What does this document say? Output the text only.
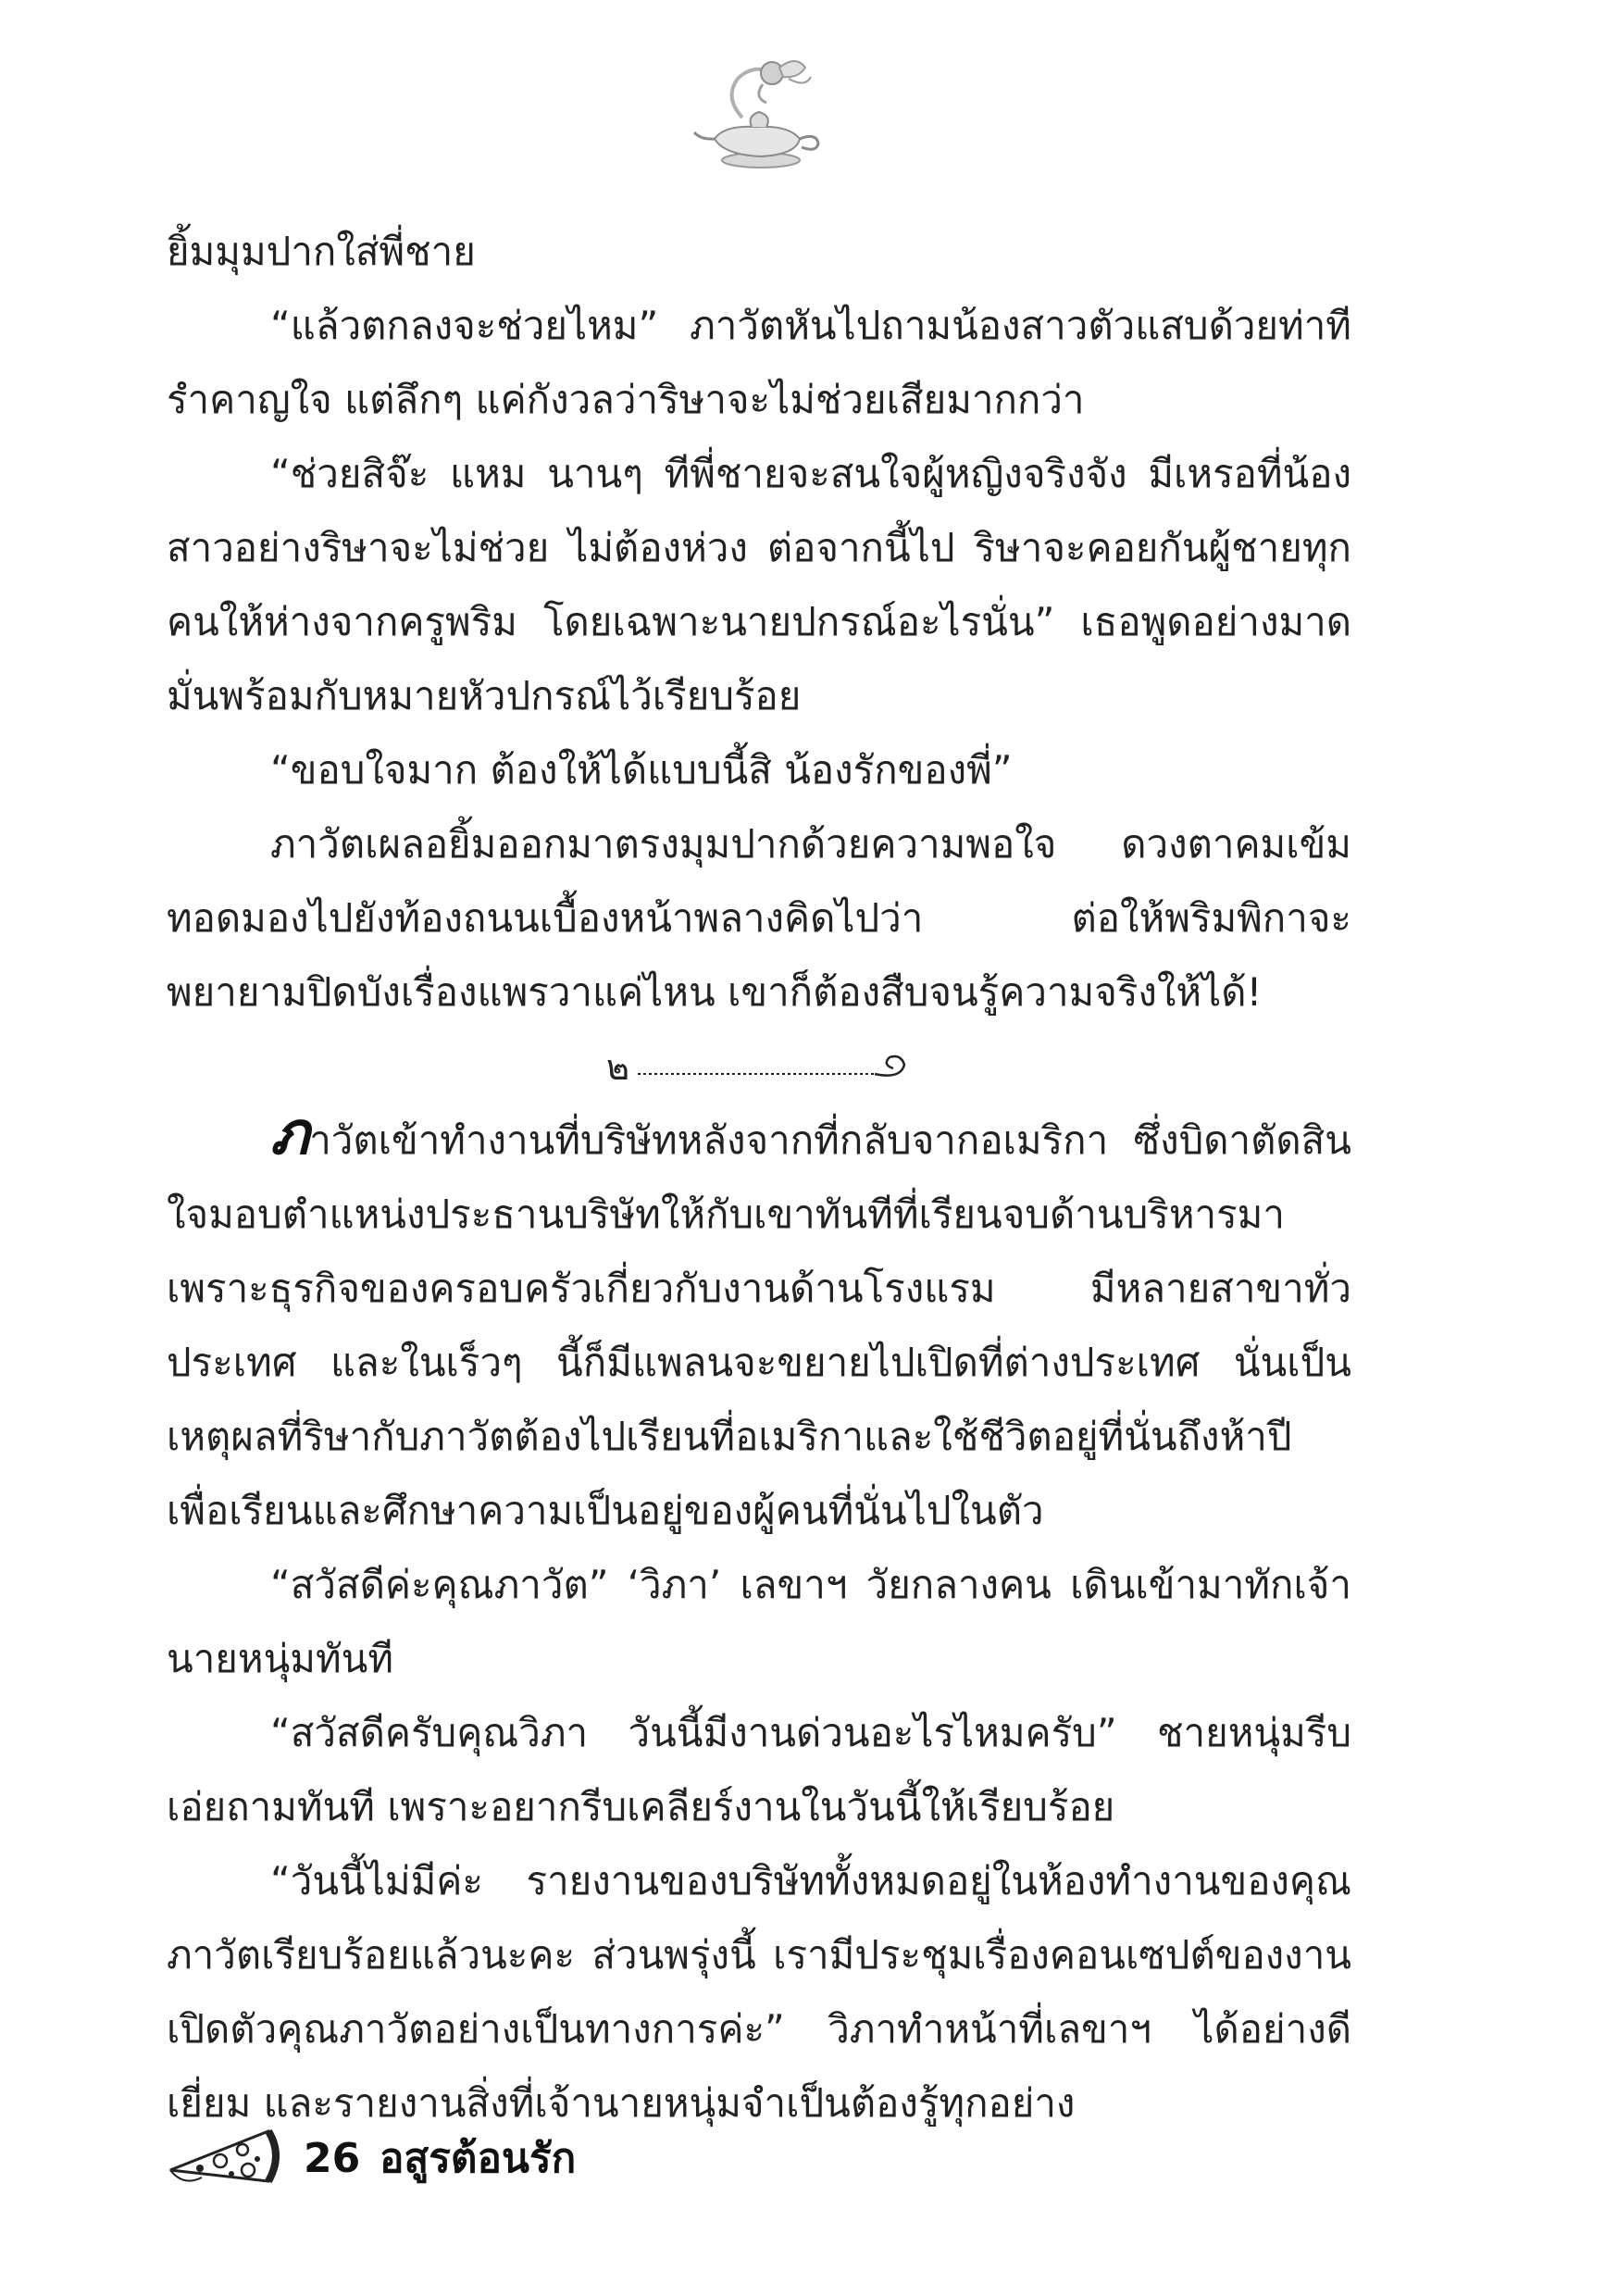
ยิ้มมุมปากใส่พี่ชาย

“แล้วตกลงจะช่วยไหม” ภาวัตหันไปถามน้องสาวตัวแสบด้วยท่าทีรำคาญใจ แต่ลึกๆ แค่กังวลว่าริษาจะไม่ช่วยเสียมากกว่า

“ช่วยสิจ๊ะ แหม นานๆ ทีพี่ชายจะสนใจผู้หญิงจริงจัง มีเหรอที่น้องสาวอย่างริษาจะไม่ช่วย ไม่ต้องห่วง ต่อจากนี้ไป ริษาจะคอยกันผู้ชายทุกคนให้ห่างจากครูพริม โดยเฉพาะนายปกรณ์อะไรนั่น” เธอพูดอย่างมาดมั่นพร้อมกับหมายหัวปกรณ์ไว้เรียบร้อย

“ขอบใจมาก ต้องให้ได้แบบนี้สิ น้องรักของพี่”

ภาวัตเผลอยิ้มออกมาตรงมุมปากด้วยความพอใจ ดวงตาคมเข้มทอดมองไปยังท้องถนนเบื้องหน้าพลางคิดไปว่า ต่อให้พริมพิกาจะพยายามปิดบังเรื่องแพรวาแค่ไหน เขาก็ต้องสืบจนรู้ความจริงให้ได้!

๒

ภาวัตเข้าทำงานที่บริษัทหลังจากที่กลับจากอเมริกา ซึ่งบิดาตัดสินใจมอบตำแหน่งประธานบริษัทให้กับเขาทันทีที่เรียนจบด้านบริหารมา เพราะธุรกิจของครอบครัวเกี่ยวกับงานด้านโรงแรม มีหลายสาขาทั่วประเทศ และในเร็วๆ นี้ก็มีแพลนจะขยายไปเปิดที่ต่างประเทศ นั่นเป็นเหตุผลที่ริษากับภาวัตต้องไปเรียนที่อเมริกาและใช้ชีวิตอยู่ที่นั่นถึงห้าปีเพื่อเรียนและศึกษาความเป็นอยู่ของผู้คนที่นั่นไปในตัว

“สวัสดีค่ะคุณภาวัต” ‘วิภา’ เลขาฯ วัยกลางคน เดินเข้ามาทักเจ้านายหนุ่มทันที

“สวัสดีครับคุณวิภา วันนี้มีงานด่วนอะไรไหมครับ” ชายหนุ่มรีบเอ่ยถามทันที เพราะอยากรีบเคลียร์งานในวันนี้ให้เรียบร้อย

“วันนี้ไม่มีค่ะ รายงานของบริษัททั้งหมดอยู่ในห้องทำงานของคุณภาวัตเรียบร้อยแล้วนะคะ ส่วนพรุ่งนี้ เรามีประชุมเรื่องคอนเซปต์ของงานเปิดตัวคุณภาวัตอย่างเป็นทางการค่ะ” วิภาทำหน้าที่เลขาฯ ได้อย่างดีเยี่ยม และรายงานสิ่งที่เจ้านายหนุ่มจำเป็นต้องรู้ทุกอย่าง

26 อสูรต้อนรัก
